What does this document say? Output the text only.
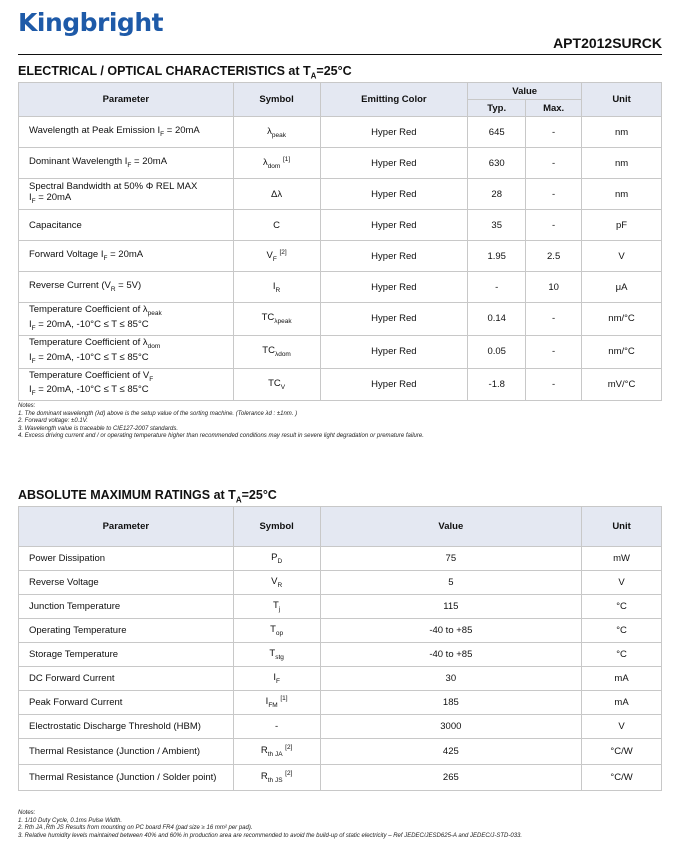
Kingbright
APT2012SURCK
ELECTRICAL / OPTICAL CHARACTERISTICS at $T_A=25^\circ C$
Parameter	Symbol	Emitting Color	Value		Unit
			Typ.	Max.	
Wavelength at Peak Emission $I_F = 20mA$	$\lambda_{peak}$	Hyper Red	645	-	nm
Dominant Wavelength $I_F = 20mA$	$\lambda_{dom}$ [1]	Hyper Red	630	-	nm
Spectral Bandwidth at 50% Φ REL MAX
$I_F = 20mA$	Δλ	Hyper Red	28	-	nm
Capacitance	C	Hyper Red	35	-	pF
Forward Voltage $I_F = 20mA$	$V_F$ [2]	Hyper Red	1.95	2.5	V
Reverse Current $(V_R = 5V)$	$I_R$	Hyper Red	-	10	μA
Temperature Coefficient of $\lambda_{peak}$
$I_F = 20mA$, -10°C ≤ T ≤ 85°C	$TC_{\lambda peak}$	Hyper Red	0.14	-	nm/°C
Temperature Coefficient of $\lambda_{dom}$
$I_F = 20mA$, -10°C ≤ T ≤ 85°C	$TC_{\lambda dom}$	Hyper Red	0.05	-	nm/°C
Temperature Coefficient of $V_F$
$I_F = 20mA$, -10°C ≤ T ≤ 85°C	$TC_V$	Hyper Red	-1.8	-	mV/°C
Notes:
1. The dominant wavelength (λd) above is the setup value of the sorting machine. (Tolerance λd : ±1nm. )
2. Forward voltage: ±0.1V.
3. Wavelength value is traceable to CIE127-2007 standards.
4. Excess driving current and / or operating temperature higher than recommended conditions may result in severe light degradation or premature failure.
ABSOLUTE MAXIMUM RATINGS at $T_A=25^\circ C$
Parameter	Symbol	Value	Unit
Power Dissipation	$P_D$	75	mW
Reverse Voltage	$V_R$	5	V
Junction Temperature	$T_j$	115	°C
Operating Temperature	$T_{op}$	-40 to +85	°C
Storage Temperature	$T_{stg}$	-40 to +85	°C
DC Forward Current	$I_F$	30	mA
Peak Forward Current	$I_{FM}$ [1]	185	mA
Electrostatic Discharge Threshold (HBM)	-	3000	V
Thermal Resistance (Junction / Ambient)	$R_{th JA}$ [2]	425	°C/W
Thermal Resistance (Junction / Solder point)	$R_{th JS}$ [2]	265	°C/W
Notes:
1. 1/10 Duty Cycle, 0.1ms Pulse Width.
2. Rth JA ,Rth JS Results from mounting on PC board FR4 (pad size ≥ 16 mm² per pad).
3. Relative humidity levels maintained between 40% and 60% in production area are recommended to avoid the build-up of static electricity – Ref JEDEC/JESD625-A and JEDEC/J-STD-033.
